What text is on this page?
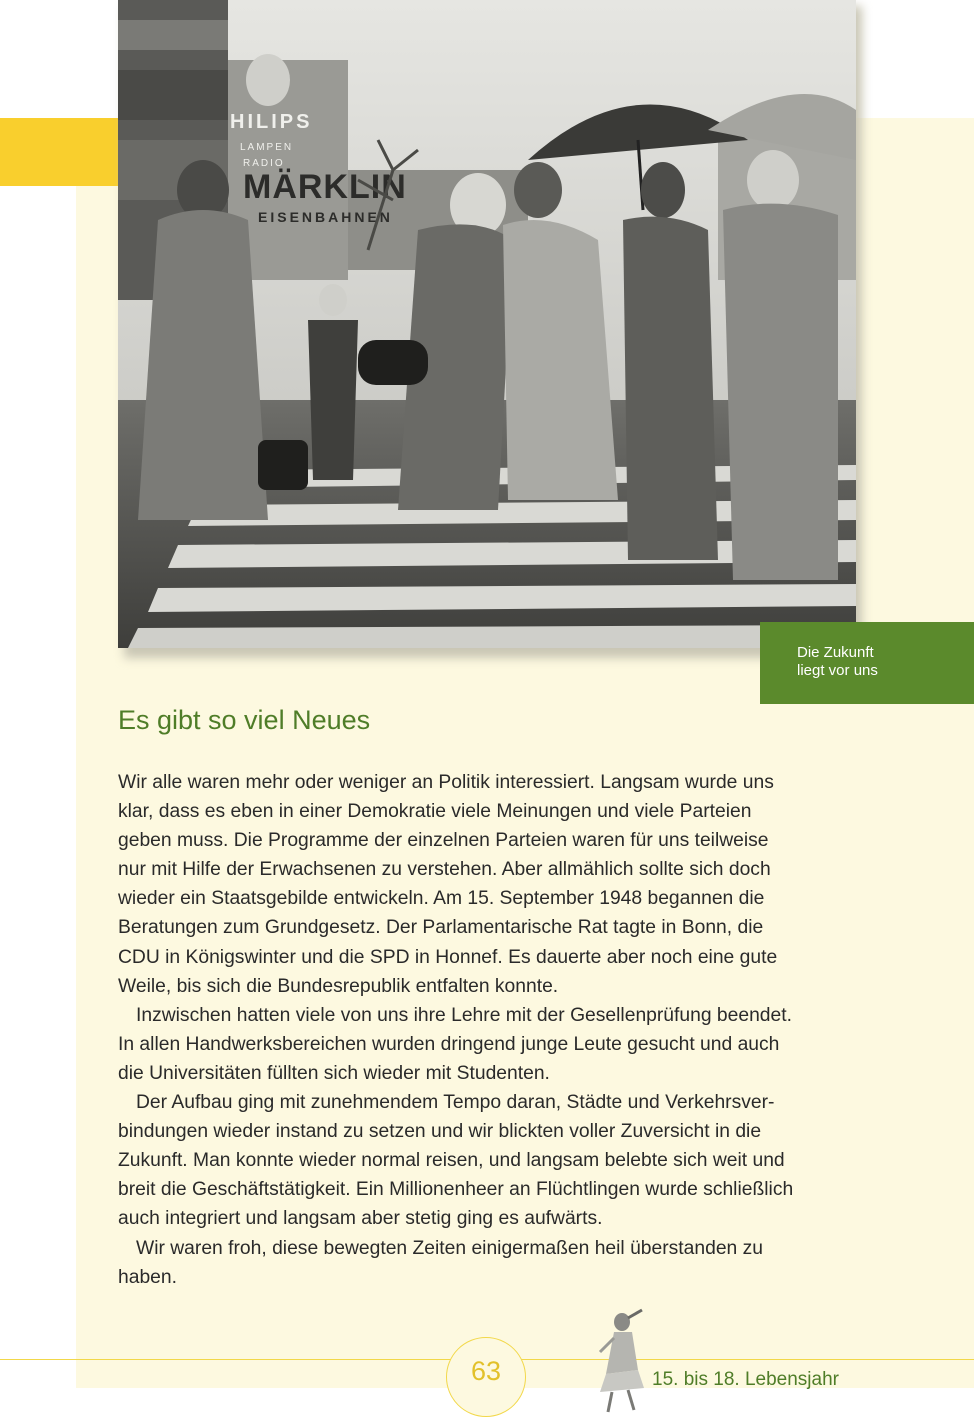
HILIPS
LAMPEN
RADIO
MÄRKLIN
EISENBAHNEN
Die Zukunft
liegt vor uns
Es gibt so viel Neues
Wir alle waren mehr oder weniger an Politik interessiert. Langsam wurde uns
klar, dass es eben in einer Demokratie viele Meinungen und viele Parteien
geben muss. Die Programme der einzelnen Parteien waren für uns teilweise
nur mit Hilfe der Erwachsenen zu verstehen. Aber allmählich sollte sich doch
wieder ein Staatsgebilde entwickeln. Am 15. September 1948 begannen die
Beratungen zum Grundgesetz. Der Parlamentarische Rat tagte in Bonn, die
CDU in Königswinter und die SPD in Honnef. Es dauerte aber noch eine gute
Weile, bis sich die Bundesrepublik entfalten konnte.
Inzwischen hatten viele von uns ihre Lehre mit der Gesellenprüfung beendet.
In allen Handwerksbereichen wurden dringend junge Leute gesucht und auch
die Universitäten füllten sich wieder mit Studenten.
Der Aufbau ging mit zunehmendem Tempo daran, Städte und Verkehrsver-
bindungen wieder instand zu setzen und wir blickten voller Zuversicht in die
Zukunft. Man konnte wieder normal reisen, und langsam belebte sich weit und
breit die Geschäftstätigkeit. Ein Millionenheer an Flüchtlingen wurde schließlich
auch integriert und langsam aber stetig ging es aufwärts.
Wir waren froh, diese bewegten Zeiten einigermaßen heil überstanden zu
haben.
63	15. bis 18. Lebensjahr
